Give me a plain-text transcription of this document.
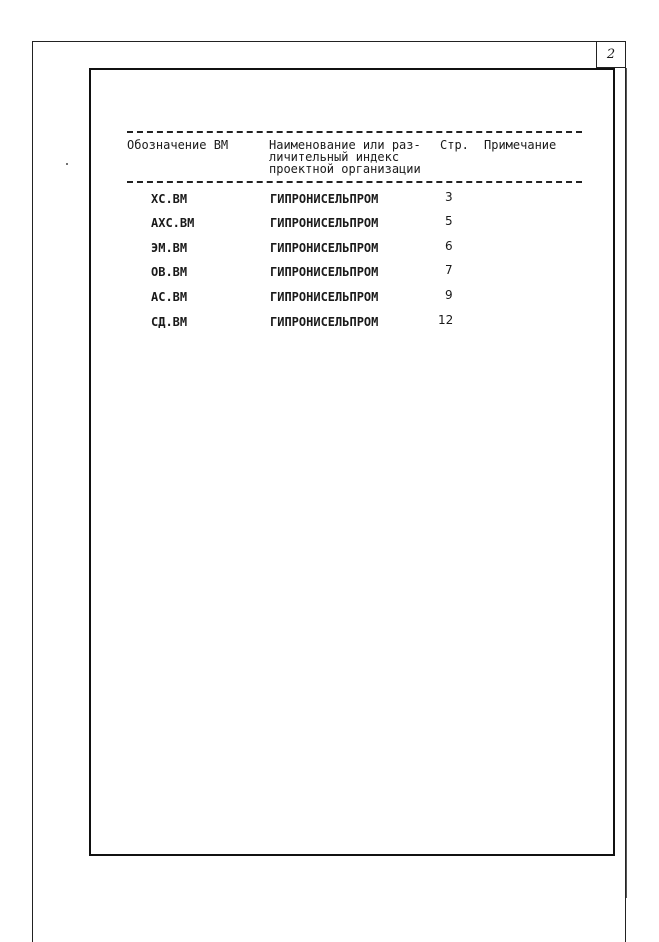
2
Обозначение ВМ	Наименование или раз-
личительный индекс
проектной организации
Стр. Примечание
ХС.ВМ	ГИПРОНИСЕЛЬПРОМ	3
АХС.ВМ	ГИПРОНИСЕЛЬПРОМ	5
ЭМ.ВМ	ГИПРОНИСЕЛЬПРОМ	6
ОВ.ВМ	ГИПРОНИСЕЛЬПРОМ	7
АС.ВМ	ГИПРОНИСЕЛЬПРОМ	9
СД.ВМ	ГИПРОНИСЕЛЬПРОМ	12
